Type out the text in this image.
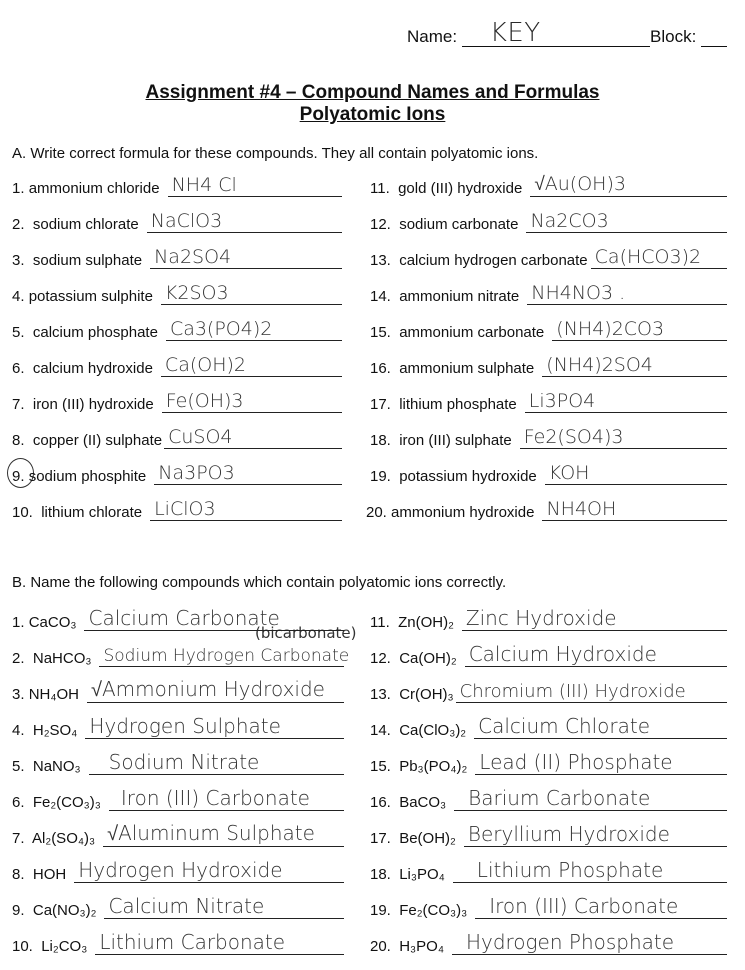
Name: KEY	Block:
Assignment #4 – Compound Names and Formulas
Polyatomic Ions
A. Write correct formula for these compounds. They all contain polyatomic ions.
B. Name the following compounds which contain polyatomic ions correctly.
(bicarbonate)
1. ammonium chloride NH4 Cl
2. sodium chlorate NaClO3
3. sodium sulphate Na2SO4
4. potassium sulphite K2SO3
5. calcium phosphate Ca3(PO4)2
6. calcium hydroxide Ca(OH)2
7. iron (III) hydroxide Fe(OH)3
8. copper (II) sulphate CuSO4
9. sodium phosphite Na3PO3
10. lithium chlorate LiClO3
11. gold (III) hydroxide √Au(OH)3
12. sodium carbonate Na2CO3
13. calcium hydrogen carbonate Ca(HCO3)2
14. ammonium nitrate NH4NO3 .
15. ammonium carbonate (NH4)2CO3
16. ammonium sulphate (NH4)2SO4
17. lithium phosphate Li3PO4
18. iron (III) sulphate Fe2(SO4)3
19. potassium hydroxide KOH
20. ammonium hydroxide NH4OH
1. CaCO₃ Calcium Carbonate
2. NaHCO₃ Sodium Hydrogen Carbonate
3. NH₄OH √Ammonium Hydroxide
4. H₂SO₄ Hydrogen Sulphate
5. NaNO₃ Sodium Nitrate
6. Fe₂(CO₃)₃ Iron (III) Carbonate
7. Al₂(SO₄)₃ √Aluminum Sulphate
8. HOH Hydrogen Hydroxide
9. Ca(NO₃)₂ Calcium Nitrate
10. Li₂CO₃ Lithium Carbonate
11. Zn(OH)₂ Zinc Hydroxide
12. Ca(OH)₂ Calcium Hydroxide
13. Cr(OH)₃ Chromium (III) Hydroxide
14. Ca(ClO₃)₂ Calcium Chlorate
15. Pb₃(PO₄)₂ Lead (II) Phosphate
16. BaCO₃ Barium Carbonate
17. Be(OH)₂ Beryllium Hydroxide
18. Li₃PO₄ Lithium Phosphate
19. Fe₂(CO₃)₃ Iron (III) Carbonate
20. H₃PO₄ Hydrogen Phosphate
